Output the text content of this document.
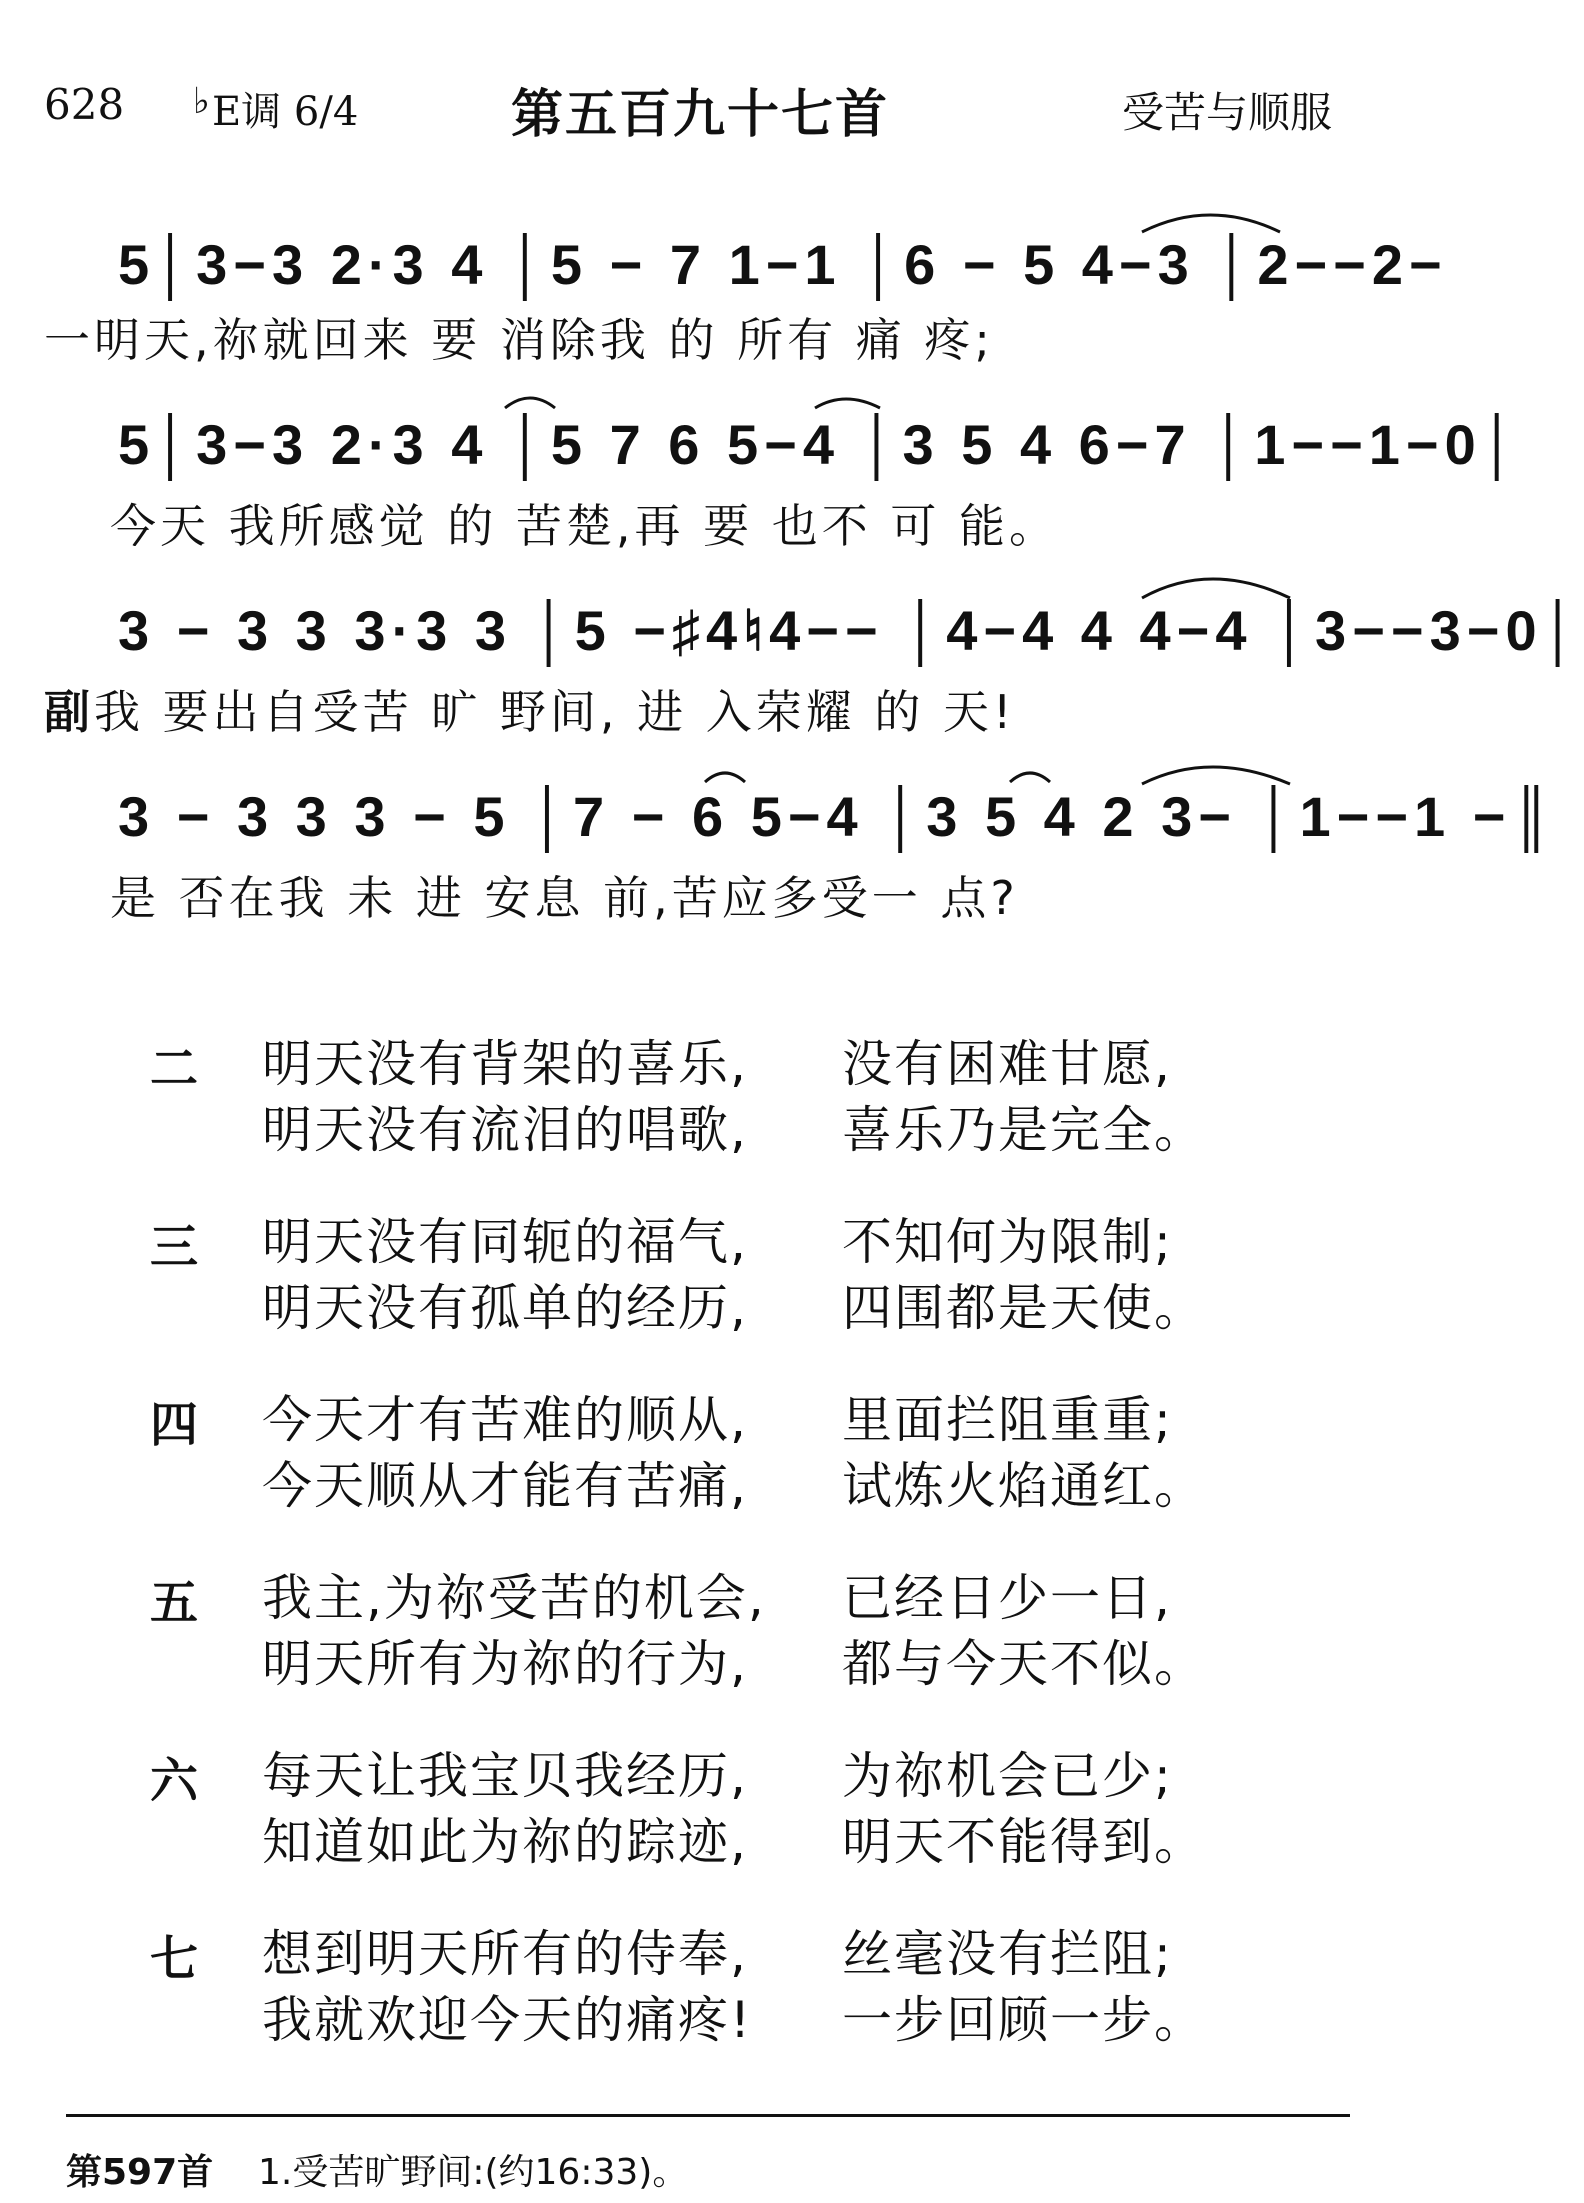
628 ♭E调 6/4	第五百九十七首	受苦与顺服
5│3−3 2·3 4 │5 − 7 1−1 │6 − 5 4−3 │2−−2−
一明天,祢就回来 要 消除我 的 所有 痛 疼;
5│3−3 2·3 4 │5 7 6 5−4 │3 5 4 6−7 │1−−1−0│
今天 我所感觉 的 苦楚,再 要 也不 可 能。
3 − 3 3 3·3 3 │5 −♯4♮4−− │4−4 4 4−4 │3−−3−0│
副我 要出自受苦 旷 野间, 进 入荣耀 的 天!
3 − 3 3 3 − 5 │7 − 6 5−4 │3 5 4 2 3− │1−−1 −║
是 否在我 未 进 安息 前,苦应多受一 点?
二 明天没有背架的喜乐, 没有困难甘愿,
明天没有流泪的唱歌, 喜乐乃是完全。
三 明天没有同轭的福气, 不知何为限制;
明天没有孤单的经历, 四围都是天使。
四 今天才有苦难的顺从, 里面拦阻重重;
今天顺从才能有苦痛, 试炼火焰通红。
五 我主,为祢受苦的机会, 已经日少一日,
明天所有为祢的行为, 都与今天不似。
六 每天让我宝贝我经历, 为祢机会已少;
知道如此为祢的踪迹, 明天不能得到。
七 想到明天所有的侍奉, 丝毫没有拦阻;
我就欢迎今天的痛疼! 一步回顾一步。
第597首 1.受苦旷野间:(约16:33)。
